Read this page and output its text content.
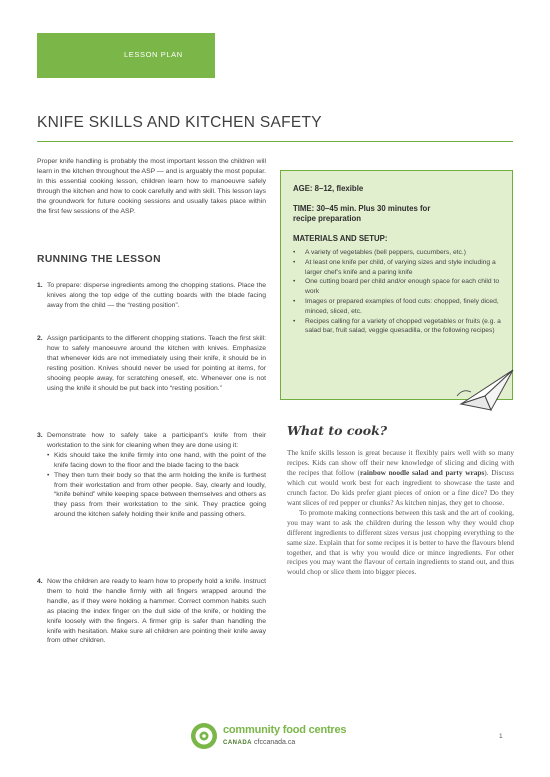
LESSON PLAN
KNIFE SKILLS AND KITCHEN SAFETY

Proper knife handling is probably the most important lesson the children will learn in the kitchen throughout the ASP — and is arguably the most popular. In this essential cooking lesson, children learn how to manoeuvre safely through the kitchen and how to cook carefully and with skill. This lesson lays the groundwork for future cooking sessions and usually takes place within the first few sessions of the ASP.

RUNNING THE LESSON
1. To prepare: disperse ingredients among the chopping stations. Place the knives along the top edge of the cutting boards with the blade facing away from the child — the “resting position”.

2. Assign participants to the different chopping stations. Teach the first skill: how to safely manoeuvre around the kitchen with knives. Emphasize that whenever kids are not immediately using their knife, it should be in resting position. Knives should never be used for pointing at items, for shooing people away, for scratching oneself, etc. Whenever one is not using the knife it should be put back into “resting position.”

3. Demonstrate how to safely take a participant’s knife from their workstation to the sink for cleaning when they are done using it:

• Kids should take the knife firmly into one hand, with the point of the knife facing down to the floor and the blade facing to the back
• They then turn their body so that the arm holding the knife is furthest from their workstation and from other people. Say, clearly and loudly, “knife behind” while keeping space between themselves and others as they pass from their workstation to the sink. They practice going around the kitchen safely holding their knife and passing others.
4. Now the children are ready to learn how to properly hold a knife. Instruct them to hold the handle firmly with all fingers wrapped around the handle, as if they were holding a hammer. Correct common habits such as placing the index finger on the dull side of the knife, or holding the knife loosely with the fingers. A firmer grip is safer than handling the knife with hesitation. Make sure all children are pointing their knife away from other children.

AGE: 8–12, flexible
TIME: 30–45 min. Plus 30 minutes for
recipe preparation
MATERIALS AND SETUP:
• A variety of vegetables (bell peppers, cucumbers, etc.)
• At least one knife per child, of varying sizes and style including a larger chef’s knife and a paring knife
• One cutting board per child and/or enough space for each child to work
• Images or prepared examples of food cuts: chopped, finely diced, minced, sliced, etc.
• Recipes calling for a variety of chopped vegetables or fruits (e.g. a salad bar, fruit salad, veggie quesadilla, or the following recipes)
What to cook?

The knife skills lesson is great because it flexibly pairs well with so many recipes. Kids can show off their new knowledge of slicing and dicing with the recipes that follow (rainbow noodle salad and party wraps). Discuss which cut would work best for each ingredient to showcase the taste and crunch factor. Do kids prefer giant pieces of onion or a fine dice? Do they want slices of red pepper or chunks? As kitchen ninjas, they get to choose.

To promote making connections between this task and the art of cooking, you may want to ask the children during the lesson why they would chop different ingredients to different sizes versus just chopping everything to the same size. Explain that for some recipes it is better to have the flavours blend together, and that is why you would dice or mince ingredients. For other recipes you may want the flavour of certain ingredients to stand out, and thus would chop or slice them into bigger pieces.

community food centres
CANADA cfccanada.ca
1
